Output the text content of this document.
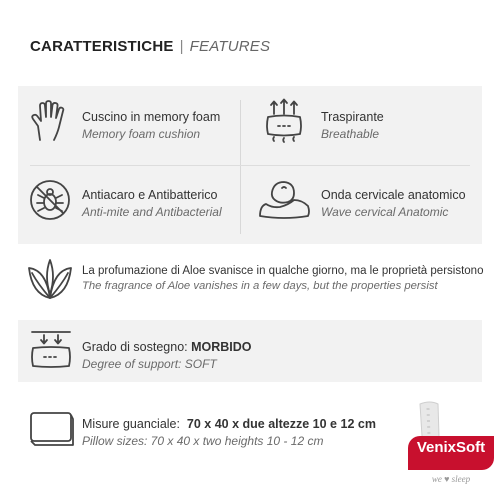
CARATTERISTICHE | FEATURES
Cuscino in memory foam
Memory foam cushion
Traspirante
Breathable
Antiacaro e Antibatterico
Anti-mite and Antibacterial
Onda cervicale anatomico
Wave cervical Anatomic
La profumazione di Aloe svanisce in qualche giorno, ma le proprietà persistono
The fragrance of Aloe vanishes in a few days, but the properties persist
Grado di sostegno: MORBIDO
Degree of support: SOFT
Misure guanciale: 70 x 40 x due altezze 10 e 12 cm
Pillow sizes: 70 x 40 x two heights 10 - 12 cm	VenixSoft
we ♥ sleep
